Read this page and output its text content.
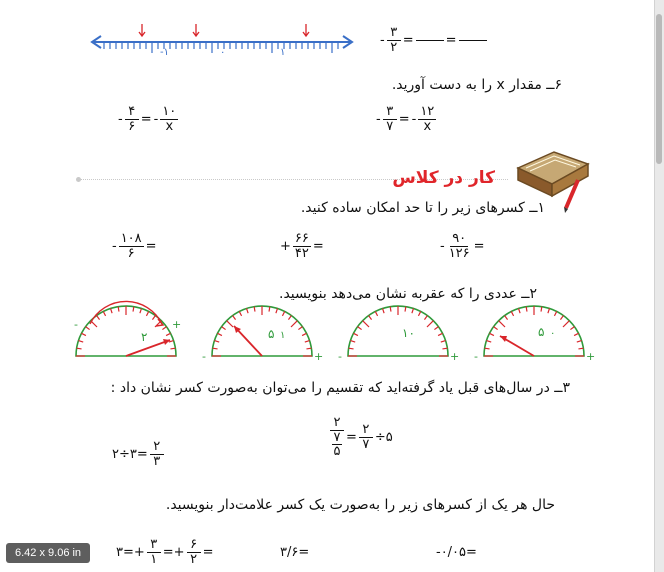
-۱	۰	۱
- $\frac{۳}{۲}$ = =
۶ــ مقدار x را به دست آورید.
- $\frac{۴}{۶}$ = - $\frac{۱۰}{x}$	- $\frac{۳}{۷}$ = - $\frac{۱۲}{x}$
کار در کلاس
۱ــ کسرهای زیر را تا حد امکان ساده کنید.
- $\frac{۱۰۸}{۶}$ =	+ $\frac{۶۶}{۴۲}$ =	- $\frac{۹۰}{۱۲۶}$ =
۲ــ عددی را که عقربه نشان می‌دهد بنویسید.
۲
-	+
۵ ۱
-	+
۱۰
-	+
۵ ۰
-	+
۳ــ در سال‌های قبل یاد گرفته‌اید که تقسیم را می‌توان به‌صورت کسر نشان داد :
۲÷۳= $\frac{۲}{۳}$	۲
۷
۵ = $\frac{۲}{۷}$ ÷۵
حال هر یک از کسرهای زیر را به‌صورت یک کسر علامت‌دار بنویسید.
۳=+ $\frac{۳}{۱} =+ \frac{۶}{۲}$ =	۳/۶=	-۰/۰۵=
6.42 x 9.06 in
